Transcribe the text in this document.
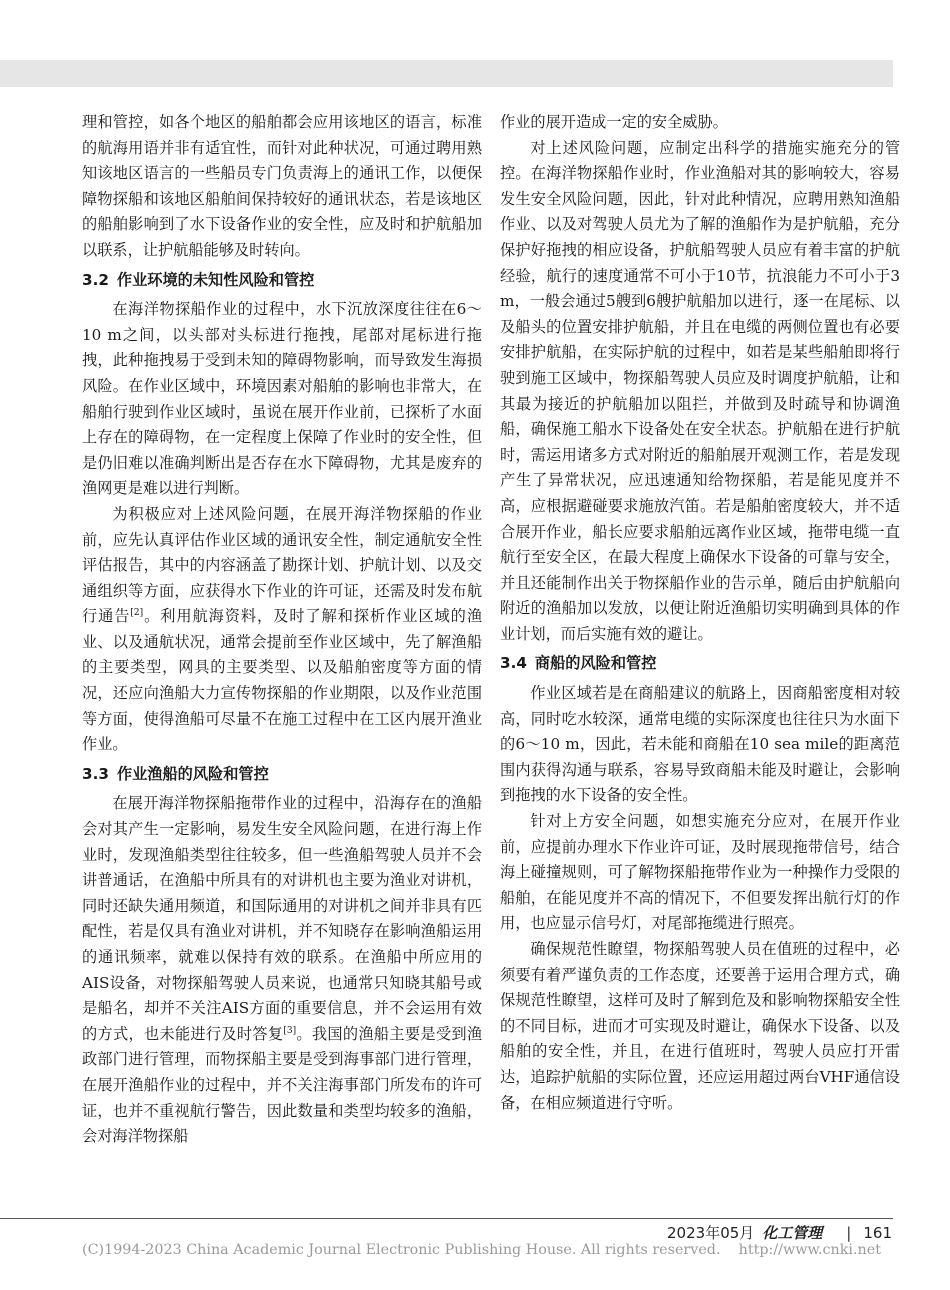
理和管控，如各个地区的船舶都会应用该地区的语言，标准的航海用语并非有适宜性，而针对此种状况，可通过聘用熟知该地区语言的一些船员专门负责海上的通讯工作，以便保障物探船和该地区船舶间保持较好的通讯状态，若是该地区的船舶影响到了水下设备作业的安全性，应及时和护航船加以联系，让护航船能够及时转向。

3.2 作业环境的未知性风险和管控

在海洋物探船作业的过程中，水下沉放深度往往在6～10 m之间，以头部对头标进行拖拽，尾部对尾标进行拖拽，此种拖拽易于受到未知的障碍物影响，而导致发生海损风险。在作业区域中，环境因素对船舶的影响也非常大，在船舶行驶到作业区域时，虽说在展开作业前，已探析了水面上存在的障碍物，在一定程度上保障了作业时的安全性，但是仍旧难以准确判断出是否存在水下障碍物，尤其是废弃的渔网更是难以进行判断。

为积极应对上述风险问题，在展开海洋物探船的作业前，应先认真评估作业区域的通讯安全性，制定通航安全性评估报告，其中的内容涵盖了勘探计划、护航计划、以及交通组织等方面，应获得水下作业的许可证，还需及时发布航行通告[2]。利用航海资料，及时了解和探析作业区域的渔业、以及通航状况，通常会提前至作业区域中，先了解渔船的主要类型，网具的主要类型、以及船舶密度等方面的情况，还应向渔船大力宣传物探船的作业期限，以及作业范围等方面，使得渔船可尽量不在施工过程中在工区内展开渔业作业。

3.3 作业渔船的风险和管控

在展开海洋物探船拖带作业的过程中，沿海存在的渔船会对其产生一定影响，易发生安全风险问题，在进行海上作业时，发现渔船类型往往较多，但一些渔船驾驶人员并不会讲普通话，在渔船中所具有的对讲机也主要为渔业对讲机，同时还缺失通用频道，和国际通用的对讲机之间并非具有匹配性，若是仅具有渔业对讲机，并不知晓存在影响渔船运用的通讯频率，就难以保持有效的联系。在渔船中所应用的AIS设备，对物探船驾驶人员来说，也通常只知晓其船号或是船名，却并不关注AIS方面的重要信息，并不会运用有效的方式，也未能进行及时答复[3]。我国的渔船主要是受到渔政部门进行管理，而物探船主要是受到海事部门进行管理，在展开渔船作业的过程中，并不关注海事部门所发布的许可证，也并不重视航行警告，因此数量和类型均较多的渔船，会对海洋物探船

作业的展开造成一定的安全威胁。

对上述风险问题，应制定出科学的措施实施充分的管控。在海洋物探船作业时，作业渔船对其的影响较大，容易发生安全风险问题，因此，针对此种情况，应聘用熟知渔船作业、以及对驾驶人员尤为了解的渔船作为是护航船，充分保护好拖拽的相应设备，护航船驾驶人员应有着丰富的护航经验，航行的速度通常不可小于10节，抗浪能力不可小于3 m，一般会通过5艘到6艘护航船加以进行，逐一在尾标、以及船头的位置安排护航船，并且在电缆的两侧位置也有必要安排护航船，在实际护航的过程中，如若是某些船舶即将行驶到施工区域中，物探船驾驶人员应及时调度护航船，让和其最为接近的护航船加以阻拦，并做到及时疏导和协调渔船，确保施工船水下设备处在安全状态。护航船在进行护航时，需运用诸多方式对附近的船舶展开观测工作，若是发现产生了异常状况，应迅速通知给物探船，若是能见度并不高，应根据避碰要求施放汽笛。若是船舶密度较大，并不适合展开作业，船长应要求船舶远离作业区域，拖带电缆一直航行至安全区，在最大程度上确保水下设备的可靠与安全，并且还能制作出关于物探船作业的告示单，随后由护航船向附近的渔船加以发放，以便让附近渔船切实明确到具体的作业计划，而后实施有效的避让。

3.4 商船的风险和管控

作业区域若是在商船建议的航路上，因商船密度相对较高，同时吃水较深，通常电缆的实际深度也往往只为水面下的6～10 m，因此，若未能和商船在10 sea mile的距离范围内获得沟通与联系，容易导致商船未能及时避让，会影响到拖拽的水下设备的安全性。

针对上方安全问题，如想实施充分应对，在展开作业前，应提前办理水下作业许可证，及时展现拖带信号，结合海上碰撞规则，可了解物探船拖带作业为一种操作力受限的船舶，在能见度并不高的情况下，不但要发挥出航行灯的作用，也应显示信号灯，对尾部拖缆进行照亮。

确保规范性瞭望，物探船驾驶人员在值班的过程中，必须要有着严谨负责的工作态度，还要善于运用合理方式，确保规范性瞭望，这样可及时了解到危及和影响物探船安全性的不同目标，进而才可实现及时避让，确保水下设备、以及船舶的安全性，并且，在进行值班时，驾驶人员应打开雷达，追踪护航船的实际位置，还应运用超过两台VHF通信设备，在相应频道进行守听。

2023年05月 化工管理 | 161
(C)1994-2023 China Academic Journal Electronic Publishing House. All rights reserved.    http://www.cnki.net
